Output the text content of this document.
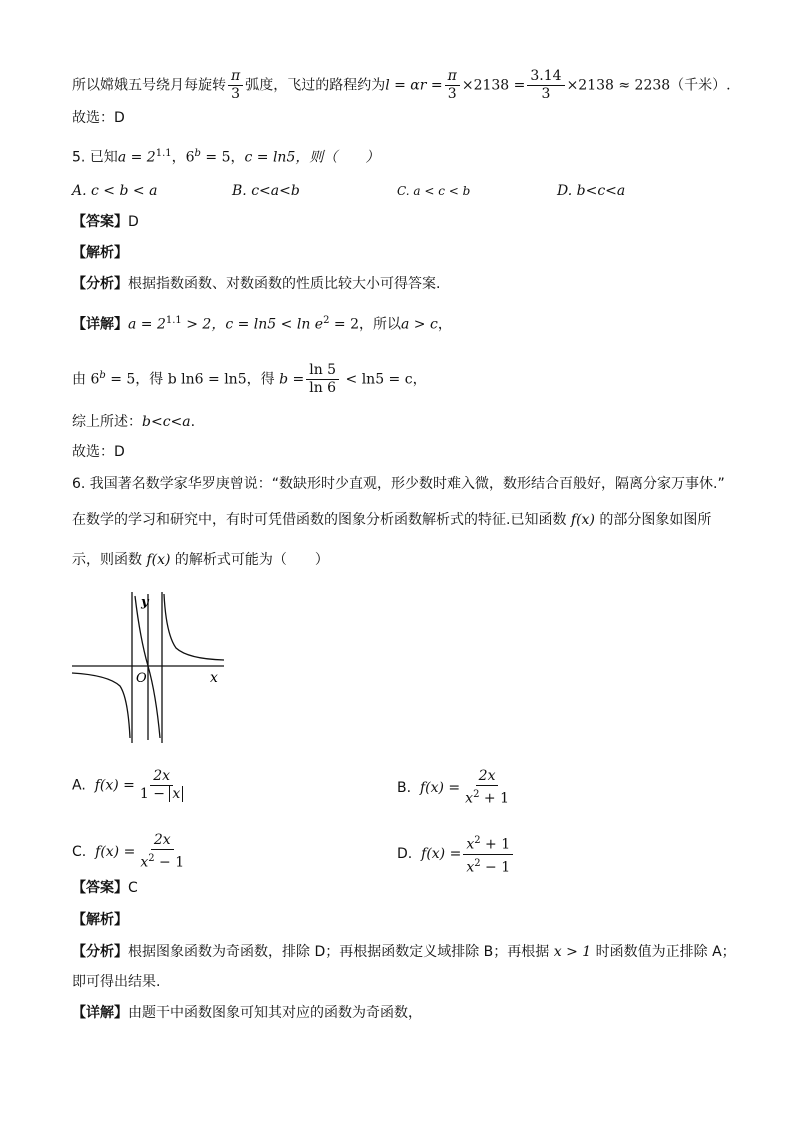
所以嫦娥五号绕月每旋转 $\frac{\pi}{3}$ 弧度，飞过的路程约为$l = \alpha r = \frac{\pi}{3} \times 2138 = \frac{3.14}{3} \times 2138 \approx 2238$（千米）.
故选：D
5. 已知$a = 2^{1.1}$，$6^b = 5$，c = ln5，则（　　）
A. c < b < a	B. c<a<b	C. a < c < b	D. b<c<a
【答案】D
【解析】
【分析】根据指数函数、对数函数的性质比较大小可得答案.
【详解】$a = 2^{1.1} > 2$，$c = \ln 5 < \ln e^2 = 2$，所以a > c，
由 $6^b = 5$，得 b ln6 = ln5，得 $b = \frac{\ln 5}{\ln 6} < \ln 5 = c$，
综上所述：b<c<a.
故选：D
6. 我国著名数学家华罗庚曾说：“数缺形时少直观，形少数时难入微，数形结合百般好，隔离分家万事休.”
在数学的学习和研究中，有时可凭借函数的图象分析函数解析式的特征.已知函数 f(x) 的部分图象如图所
示，则函数 f(x) 的解析式可能为（　　）
y
x
O
A. $f(x) = \frac{2x}{1 - x}$	B. $f(x) = \frac{2x}{x^2 + 1}$
C. $f(x) = \frac{2x}{x^2 - 1}$	D. $f(x) = \frac{x^2 + 1}{x^2 - 1}$
【答案】C
【解析】
【分析】根据图象函数为奇函数，排除 D；再根据函数定义域排除 B；再根据 x > 1 时函数值为正排除 A；
即可得出结果.
【详解】由题干中函数图象可知其对应的函数为奇函数，
